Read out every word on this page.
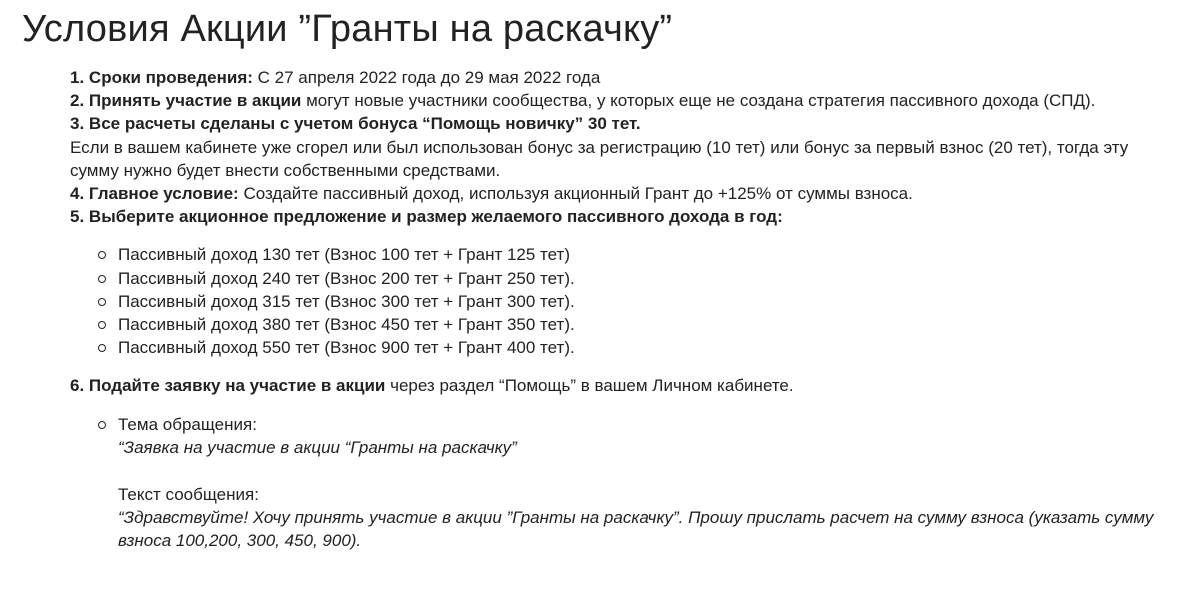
Условия Акции ”Гранты на раскачку”

1. Сроки проведения: С 27 апреля 2022 года до 29 мая 2022 года

2. Принять участие в акции могут новые участники сообщества, у которых еще не создана стратегия пассивного дохода (СПД).

3. Все расчеты сделаны с учетом бонуса “Помощь новичку” 30 тет.

Если в вашем кабинете уже сгорел или был использован бонус за регистрацию (10 тет) или бонус за первый взнос (20 тет), тогда эту сумму нужно будет внести собственными средствами.

4. Главное условие: Создайте пассивный доход, используя акционный Грант до +125% от суммы взноса.

5. Выберите акционное предложение и размер желаемого пассивного дохода в год:

Пассивный доход 130 тет (Взнос 100 тет + Грант 125 тет)
Пассивный доход 240 тет (Взнос 200 тет + Грант 250 тет).
Пассивный доход 315 тет (Взнос 300 тет + Грант 300 тет).
Пассивный доход 380 тет (Взнос 450 тет + Грант 350 тет).
Пассивный доход 550 тет (Взнос 900 тет + Грант 400 тет).

6. Подайте заявку на участие в акции через раздел “Помощь” в вашем Личном кабинете.

Тема обращения:

“Заявка на участие в акции “Гранты на раскачку”

Текст сообщения:

“Здравствуйте! Хочу принять участие в акции ”Гранты на раскачку”. Прошу прислать расчет на сумму взноса (указать сумму взноса 100,200, 300, 450, 900).
